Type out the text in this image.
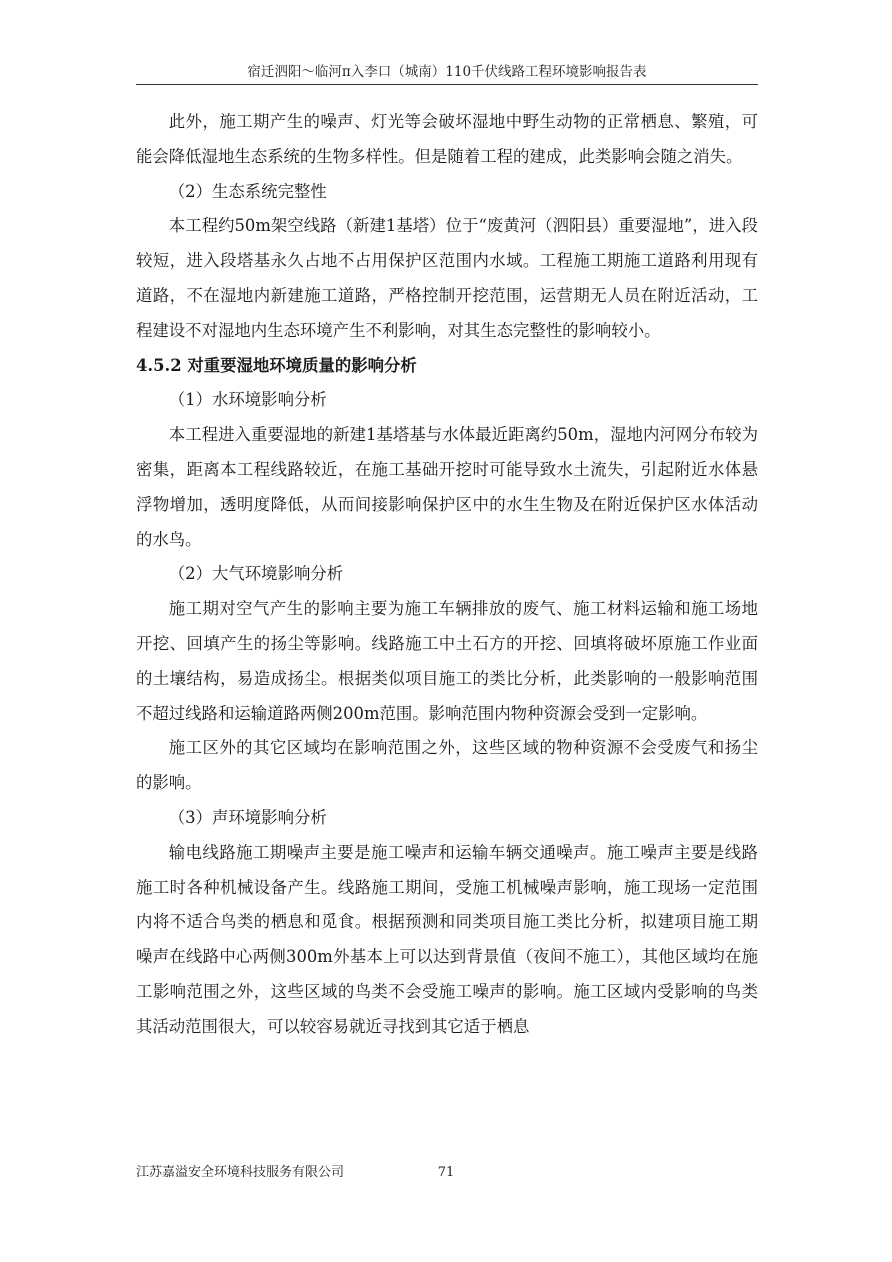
宿迁泗阳～临河π入李口（城南）110千伏线路工程环境影响报告表

此外，施工期产生的噪声、灯光等会破坏湿地中野生动物的正常栖息、繁殖，可能会降低湿地生态系统的生物多样性。但是随着工程的建成，此类影响会随之消失。

（2）生态系统完整性

本工程约50m架空线路（新建1基塔）位于“废黄河（泗阳县）重要湿地”，进入段较短，进入段塔基永久占地不占用保护区范围内水域。工程施工期施工道路利用现有道路，不在湿地内新建施工道路，严格控制开挖范围，运营期无人员在附近活动，工程建设不对湿地内生态环境产生不利影响，对其生态完整性的影响较小。

4.5.2 对重要湿地环境质量的影响分析

（1）水环境影响分析

本工程进入重要湿地的新建1基塔基与水体最近距离约50m，湿地内河网分布较为密集，距离本工程线路较近，在施工基础开挖时可能导致水土流失，引起附近水体悬浮物增加，透明度降低，从而间接影响保护区中的水生生物及在附近保护区水体活动的水鸟。

（2）大气环境影响分析

施工期对空气产生的影响主要为施工车辆排放的废气、施工材料运输和施工场地开挖、回填产生的扬尘等影响。线路施工中土石方的开挖、回填将破坏原施工作业面的土壤结构，易造成扬尘。根据类似项目施工的类比分析，此类影响的一般影响范围不超过线路和运输道路两侧200m范围。影响范围内物种资源会受到一定影响。

施工区外的其它区域均在影响范围之外，这些区域的物种资源不会受废气和扬尘的影响。

（3）声环境影响分析

输电线路施工期噪声主要是施工噪声和运输车辆交通噪声。施工噪声主要是线路施工时各种机械设备产生。线路施工期间，受施工机械噪声影响，施工现场一定范围内将不适合鸟类的栖息和觅食。根据预测和同类项目施工类比分析，拟建项目施工期噪声在线路中心两侧300m外基本上可以达到背景值（夜间不施工），其他区域均在施工影响范围之外，这些区域的鸟类不会受施工噪声的影响。施工区域内受影响的鸟类其活动范围很大，可以较容易就近寻找到其它适于栖息

江苏嘉溢安全环境科技服务有限公司	71
